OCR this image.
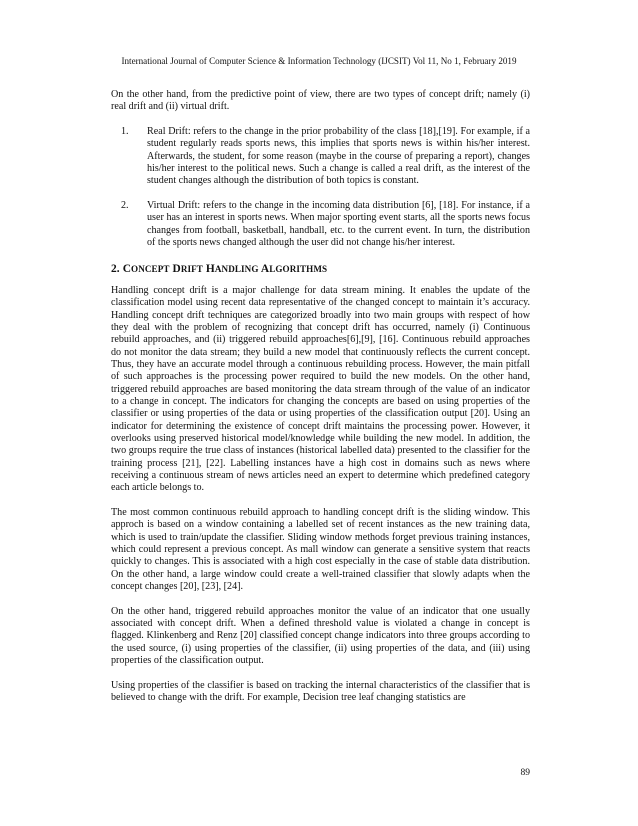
International Journal of Computer Science & Information Technology (IJCSIT) Vol 11, No 1, February 2019

On the other hand, from the predictive point of view, there are two types of concept drift; namely (i) real drift and (ii) virtual drift.

1. Real Drift: refers to the change in the prior probability of the class [18],[19]. For example, if a student regularly reads sports news, this implies that sports news is within his/her interest. Afterwards, the student, for some reason (maybe in the course of preparing a report), changes his/her interest to the political news. Such a change is called a real drift, as the interest of the student changes although the distribution of both topics is constant.
2. Virtual Drift: refers to the change in the incoming data distribution [6], [18]. For instance, if a user has an interest in sports news. When major sporting event starts, all the sports news focus changes from football, basketball, handball, etc. to the current event. In turn, the distribution of the sports news changed although the user did not change his/her interest.
2. CONCEPT DRIFT HANDLING ALGORITHMS

Handling concept drift is a major challenge for data stream mining. It enables the update of the classification model using recent data representative of the changed concept to maintain it’s accuracy. Handling concept drift techniques are categorized broadly into two main groups with respect of how they deal with the problem of recognizing that concept drift has occurred, namely (i) Continuous rebuild approaches, and (ii) triggered rebuild approaches[6],[9], [16]. Continuous rebuild approaches do not monitor the data stream; they build a new model that continuously reflects the current concept. Thus, they have an accurate model through a continuous rebuilding process. However, the main pitfall of such approaches is the processing power required to build the new models. On the other hand, triggered rebuild approaches are based monitoring the data stream through of the value of an indicator to a change in concept. The indicators for changing the concepts are based on using properties of the classifier or using properties of the data or using properties of the classification output [20]. Using an indicator for determining the existence of concept drift maintains the processing power. However, it overlooks using preserved historical model/knowledge while building the new model. In addition, the two groups require the true class of instances (historical labelled data) presented to the classifier for the training process [21], [22]. Labelling instances have a high cost in domains such as news where receiving a continuous stream of news articles need an expert to determine which predefined category each article belongs to.

The most common continuous rebuild approach to handling concept drift is the sliding window. This approch is based on a window containing a labelled set of recent instances as the new training data, which is used to train/update the classifier. Sliding window methods forget previous training instances, which could represent a previous concept. As mall window can generate a sensitive system that reacts quickly to changes. This is associated with a high cost especially in the case of stable data distribution. On the other hand, a large window could create a well-trained classifier that slowly adapts when the concept changes [20], [23], [24].

On the other hand, triggered rebuild approaches monitor the value of an indicator that one usually associated with concept drift. When a defined threshold value is violated a change in concept is flagged. Klinkenberg and Renz [20] classified concept change indicators into three groups according to the used source, (i) using properties of the classifier, (ii) using properties of the data, and (iii) using properties of the classification output.

Using properties of the classifier is based on tracking the internal characteristics of the classifier that is believed to change with the drift. For example, Decision tree leaf changing statistics are

89
